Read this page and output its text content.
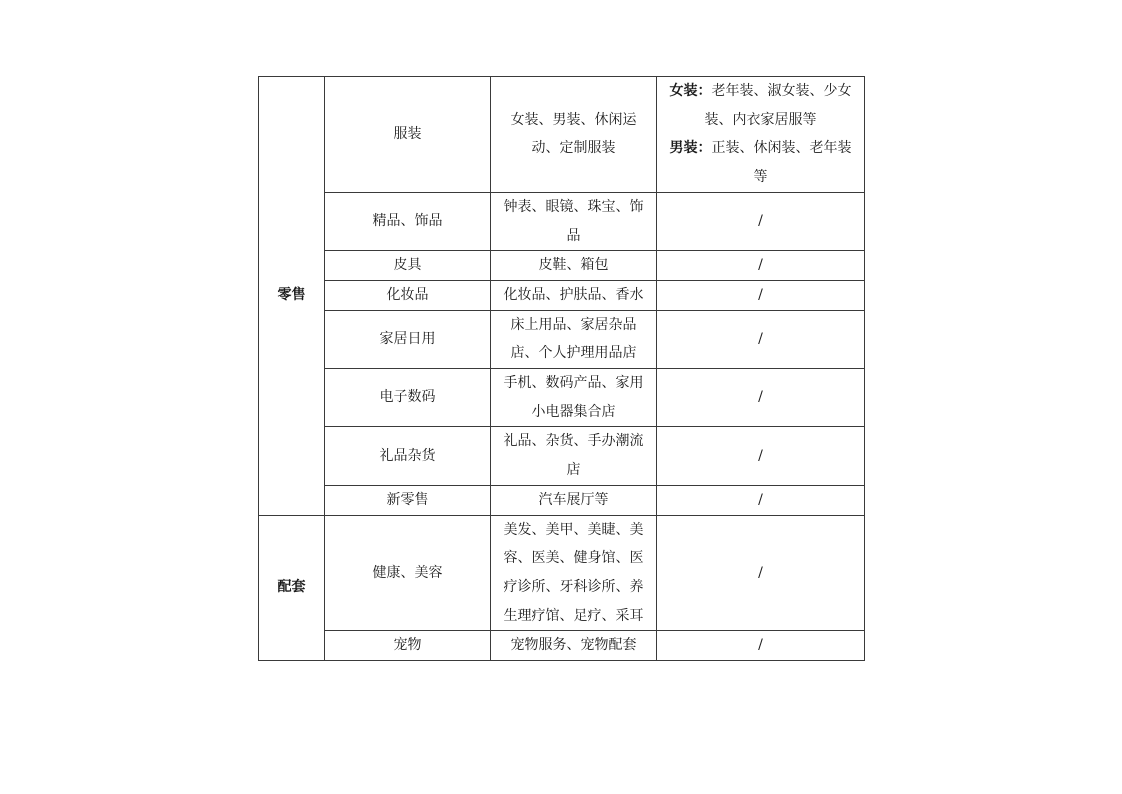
零售	服装	女装、男装、休闲运动、定制服装	女装：老年装、淑女装、少女装、内衣家居服等
男装：正装、休闲装、老年装等
	精品、饰品	钟表、眼镜、珠宝、饰品	/
	皮具	皮鞋、箱包	/
	化妆品	化妆品、护肤品、香水	/
	家居日用	床上用品、家居杂品店、个人护理用品店	/
	电子数码	手机、数码产品、家用小电器集合店	/
	礼品杂货	礼品、杂货、手办潮流店	/
	新零售	汽车展厅等	/
配套	健康、美容	美发、美甲、美睫、美容、医美、健身馆、医疗诊所、牙科诊所、养生理疗馆、足疗、采耳	/
	宠物	宠物服务、宠物配套	/
